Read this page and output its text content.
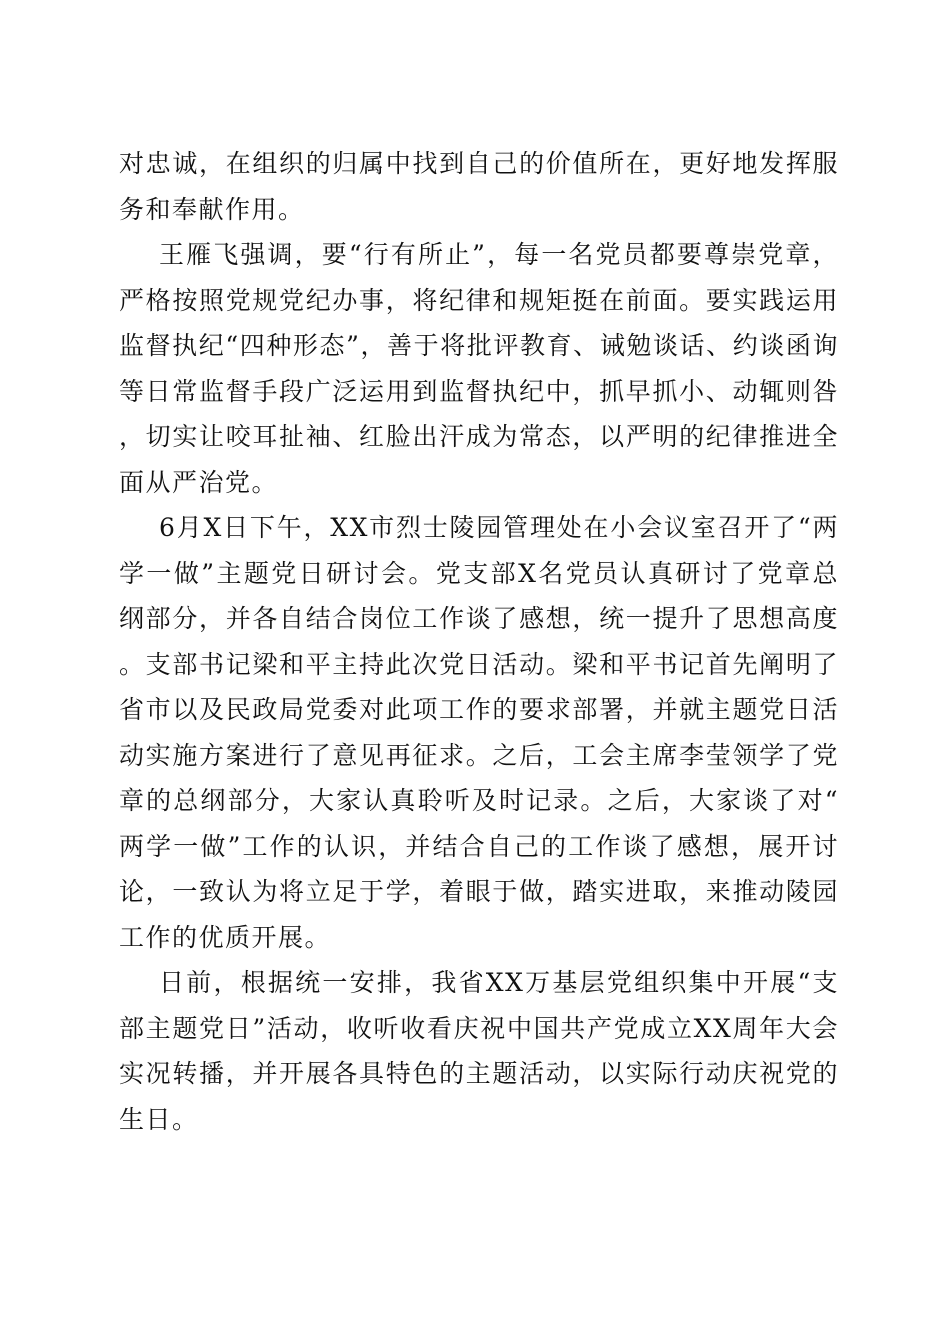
对忠诚，在组织的归属中找到自己的价值所在，更好地发挥服务和奉献作用。

王雁飞强调，要“行有所止”，每一名党员都要尊崇党章，严格按照党规党纪办事，将纪律和规矩挺在前面。要实践运用监督执纪“四种形态”，善于将批评教育、诫勉谈话、约谈函询等日常监督手段广泛运用到监督执纪中，抓早抓小、动辄则咎，切实让咬耳扯袖、红脸出汗成为常态，以严明的纪律推进全面从严治党。

6月X日下午，XX市烈士陵园管理处在小会议室召开了“两学一做”主题党日研讨会。党支部X名党员认真研讨了党章总纲部分，并各自结合岗位工作谈了感想，统一提升了思想高度。支部书记梁和平主持此次党日活动。梁和平书记首先阐明了省市以及民政局党委对此项工作的要求部署，并就主题党日活动实施方案进行了意见再征求。之后，工会主席李莹领学了党章的总纲部分，大家认真聆听及时记录。之后，大家谈了对“两学一做”工作的认识，并结合自己的工作谈了感想，展开讨论，一致认为将立足于学，着眼于做，踏实进取，来推动陵园工作的优质开展。

日前，根据统一安排，我省XX万基层党组织集中开展“支部主题党日”活动，收听收看庆祝中国共产党成立XX周年大会实况转播，并开展各具特色的主题活动，以实际行动庆祝党的生日。
